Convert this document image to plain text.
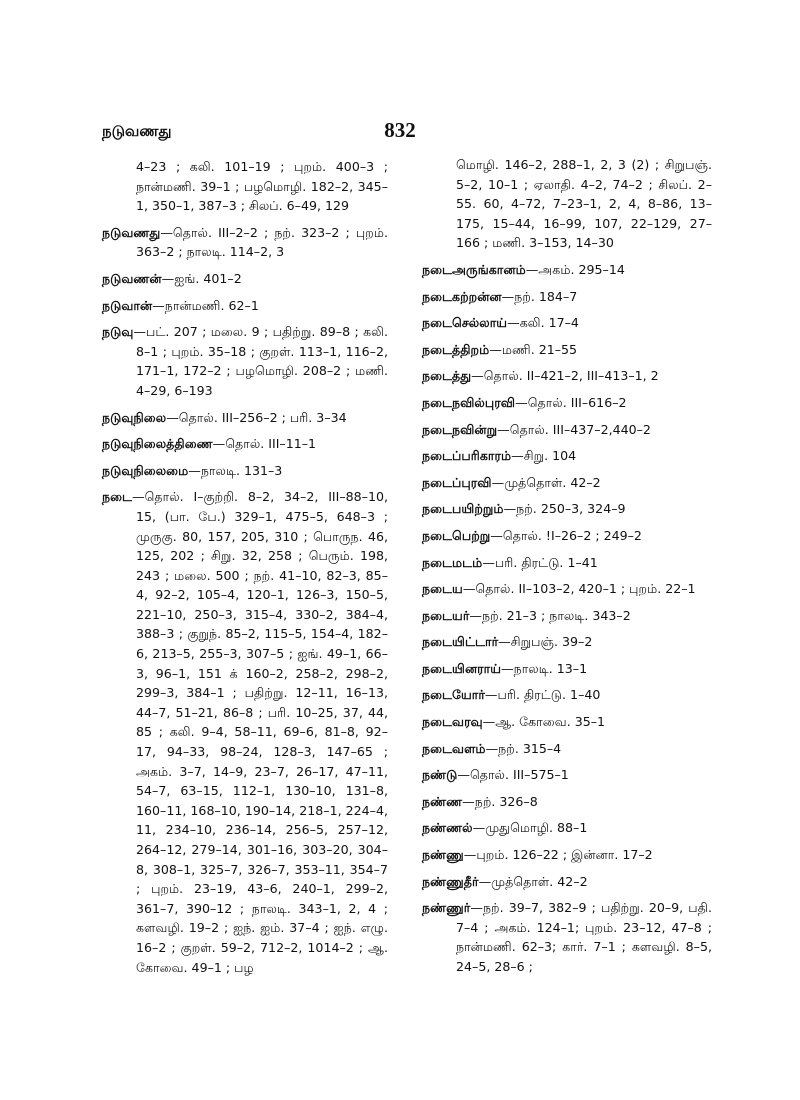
நடுவணது	832
4–23 ; கலி. 101–19 ; புறம். 400–3 ; நான்மணி. 39–1 ; பழமொழி. 182–2, 345–1, 350–1, 387–3 ; சிலப். 6–49, 129
நடுவணது—தொல். III–2–2 ; நற். 323–2 ; புறம். 363–2 ; நாலடி. 114–2, 3
நடுவணன்—ஐங். 401–2
நடுவான்—நான்மணி. 62–1
நடுவு—பட். 207 ; மலை. 9 ; பதிற்று. 89–8 ; கலி. 8–1 ; புறம். 35–18 ; குறள். 113–1, 116–2, 171–1, 172–2 ; பழமொழி. 208–2 ; மணி. 4–29, 6–193
நடுவுநிலை—தொல். III–256–2 ; பரி. 3–34
நடுவுநிலைத்திணை—தொல். III–11–1
நடுவுநிலைமை—நாலடி. 131–3
நடை—தொல். I–குற்றி. 8–2, 34–2, III–88–10, 15, (பா. பே.) 329–1, 475–5, 648–3 ; முருகு. 80, 157, 205, 310 ; பொருந. 46, 125, 202 ; சிறு. 32, 258 ; பெரும். 198, 243 ; மலை. 500 ; நற். 41–10, 82–3, 85–4, 92–2, 105–4, 120–1, 126–3, 150–5, 221–10, 250–3, 315–4, 330–2, 384–4, 388–3 ; குறுந். 85–2, 115–5, 154–4, 182–6, 213–5, 255–3, 307–5 ; ஐங். 49–1, 66–3, 96–1, 151 க் 160–2, 258–2, 298–2, 299–3, 384–1 ; பதிற்று. 12–11, 16–13, 44–7, 51–21, 86–8 ; பரி. 10–25, 37, 44, 85 ; கலி. 9–4, 58–11, 69–6, 81–8, 92–17, 94–33, 98–24, 128–3, 147–65 ; அகம். 3–7, 14–9, 23–7, 26–17, 47–11, 54–7, 63–15, 112–1, 130–10, 131–8, 160–11, 168–10, 190–14, 218–1, 224–4, 11, 234–10, 236–14, 256–5, 257–12, 264–12, 279–14, 301–16, 303–20, 304–8, 308–1, 325–7, 326–7, 353–11, 354–7 ; புறம். 23–19, 43–6, 240–1, 299–2, 361–7, 390–12 ; நாலடி. 343–1, 2, 4 ; களவழி. 19–2 ; ஐந். ஐம். 37–4 ; ஐந். எழு. 16–2 ; குறள். 59–2, 712–2, 1014–2 ; ஆ. கோவை. 49–1 ; பழ
மொழி. 146–2, 288–1, 2, 3 (2) ; சிறுபஞ். 5–2, 10–1 ; ஏலாதி. 4–2, 74–2 ; சிலப். 2–55. 60, 4–72, 7–23–1, 2, 4, 8–86, 13–175, 15–44, 16–99, 107, 22–129, 27–166 ; மணி. 3–153, 14–30
நடைஅருங்கானம்—அகம். 295–14
நடைகற்றன்ன—நற். 184–7
நடைசெல்லாய்—கலி. 17–4
நடைத்திறம்—மணி. 21–55
நடைத்து—தொல். II–421–2, III–413–1, 2
நடைநவில்புரவி—தொல். III–616–2
நடைநவின்று—தொல். III–437–2,440–2
நடைப்பரிகாரம்—சிறு. 104
நடைப்புரவி—முத்தொள். 42–2
நடைபயிற்றும்—நற். 250–3, 324–9
நடைபெற்று—தொல். !I–26–2 ; 249–2
நடைமடம்—பரி. திரட்டு. 1–41
நடைய—தொல். II–103–2, 420–1 ; புறம். 22–1
நடையர்—நற். 21–3 ; நாலடி. 343–2
நடையிட்டார்—சிறுபஞ். 39–2
நடையினராய்—நாலடி. 13–1
நடையோர்—பரி. திரட்டு. 1–40
நடைவரவு—ஆ. கோவை. 35–1
நடைவளம்—நற். 315–4
நண்டு—தொல். III–575–1
நண்ண—நற். 326–8
நண்ணல்—முதுமொழி. 88–1
நண்ணு—புறம். 126–22 ; இன்னா. 17–2
நண்ணுதீர்—முத்தொள். 42–2
நண்ணுர்—நற். 39–7, 382–9 ; பதிற்று. 20–9, பதி. 7–4 ; அகம். 124–1; புறம். 23–12, 47–8 ; நான்மணி. 62–3; கார். 7–1 ; களவழி. 8–5, 24–5, 28–6 ;
